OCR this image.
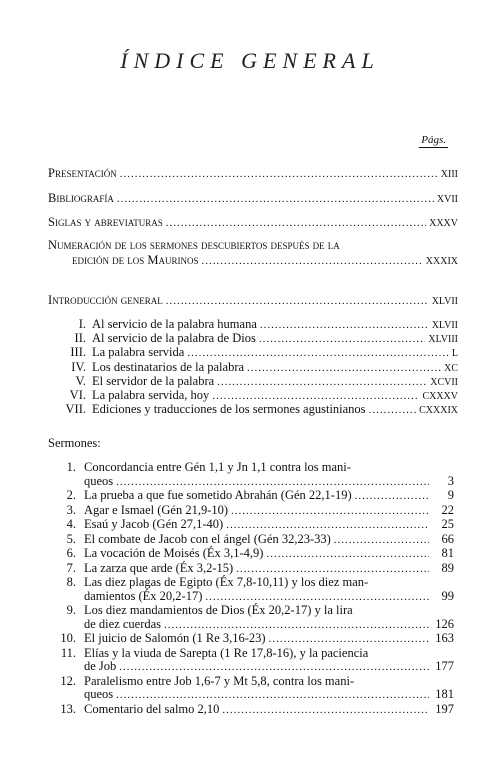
ÍNDICE GENERAL
Págs.
Presentación .....	XIII
Bibliografía .....	XVII
Siglas y abreviaturas .....	XXXV
Numeración de los sermones descubiertos después de la
edición de los Maurinos .....	XXXIX
Introducción general .....	XLVII
I. Al servicio de la palabra humana .....	XLVII
II. Al servicio de la palabra de Dios .....	XLVIII
III. La palabra servida .....	L
IV. Los destinatarios de la palabra .....	XC
V. El servidor de la palabra .....	XCVII
VI. La palabra servida, hoy .....	CXXXV
VII. Ediciones y traducciones de los sermones agustinianos .....	CXXXIX
Sermones:
1. Concordancia entre Gén 1,1 y Jn 1,1 contra los mani-
queos .....	3
2. La prueba a que fue sometido Abrahán (Gén 22,1-19) .....	9
3. Agar e Ismael (Gén 21,9-10) .....	22
4. Esaú y Jacob (Gén 27,1-40) .....	25
5. El combate de Jacob con el ángel (Gén 32,23-33) .....	66
6. La vocación de Moisés (Éx 3,1-4,9) .....	81
7. La zarza que arde (Éx 3,2-15) .....	89
8. Las diez plagas de Egipto (Éx 7,8-10,11) y los diez man-
damientos (Éx 20,2-17) .....	99
9. Los diez mandamientos de Dios (Éx 20,2-17) y la lira
de diez cuerdas .....	126
10. El juicio de Salomón (1 Re 3,16-23) .....	163
11. Elías y la viuda de Sarepta (1 Re 17,8-16), y la paciencia
de Job .....	177
12. Paralelismo entre Job 1,6-7 y Mt 5,8, contra los mani-
queos .....	181
13. Comentario del salmo 2,10 .....	197
